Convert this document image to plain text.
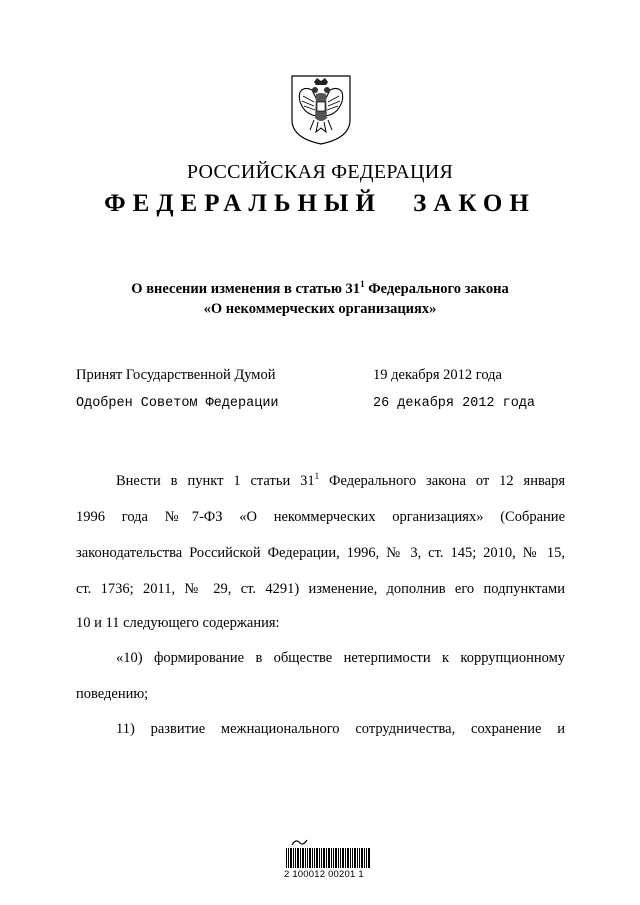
РОССИЙСКАЯ ФЕДЕРАЦИЯ
ФЕДЕРАЛЬНЫЙ ЗАКОН
О внесении изменения в статью $31^1$ Федерального закона
«О некоммерческих организациях»
Принят Государственной Думой	19 декабря 2012 года
Одобрен Советом Федерации	26 декабря 2012 года
Внести в пункт 1 статьи $31^1$ Федерального закона от 12 января
1996 года №7-ФЗ «О некоммерческих организациях» (Собрание
законодательства Российской Федерации, 1996, № 3, ст. 145; 2010, № 15,
ст. 1736; 2011, № 29, ст. 4291) изменение, дополнив его подпунктами
10 и 11 следующего содержания:
«10) формирование в обществе нетерпимости к коррупционному
поведению;
11) развитие межнационального сотрудничества, сохранение и
2 100012 00201 1
